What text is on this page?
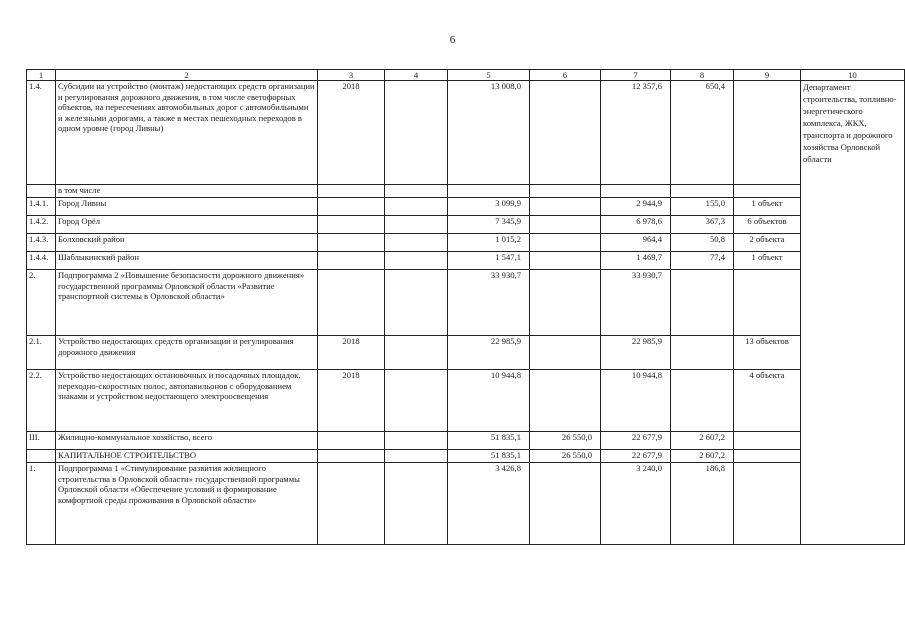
6
1	2	3	4	5	6	7	8	9	10
1.4.	Субсидии на устройство (монтаж) недостающих средств организации и регулирования дорожного движения, в том числе светофорных объектов, на пересечениях автомобильных дорог с автомобильными и железными дорогами, а также в местах пешеходных переходов в одном уровне (город Ливны)	2018		13 008,0		12 357,6	650,4		Департамент строительства, топливно-энергетического комплекса, ЖКХ, транспорта и дорожного хозяйства Орловской области
	в том числе								
1.4.1.	Город Ливны			3 099,9		2 944,9	155,0	1 объект	
1.4.2.	Город Орёл			7 345,9		6 978,6	367,3	6 объектов	
1.4.3.	Болховский район			1 015,2		964,4	50,8	2 объекта	
1.4.4.	Шаблыкинский район			1 547,1		1 469,7	77,4	1 объект	
2.	Подпрограмма 2 «Повышение безопасности дорожного движения» государственной программы Орловской области «Развитие транспортной системы в Орловской области»			33 930,7		33 930,7			
2.1.	Устройство недостающих средств организации и регулирования дорожного движения	2018		22 985,9		22 985,9		13 объектов	
2.2.	Устройство недостающих остановочных и посадочных площадок, переходно-скоростных полос, автопавильонов с оборудованием знаками и устройством недостающего электроосвещения	2018		10 944,8		10 944,8		4 объекта	
III.	Жилищно-коммунальное хозяйство, всего			51 835,1	26 550,0	22 677,9	2 607,2		
	КАПИТАЛЬНОЕ СТРОИТЕЛЬСТВО			51 835,1	26 550,0	22 677,9	2 607,2		
1.	Подпрограмма 1 «Стимулирование развития жилищного строительства в Орловской области» государственной программы Орловской области «Обеспечение условий и формирование комфортной среды проживания в Орловской области»			3 426,8		3 240,0	186,8		
